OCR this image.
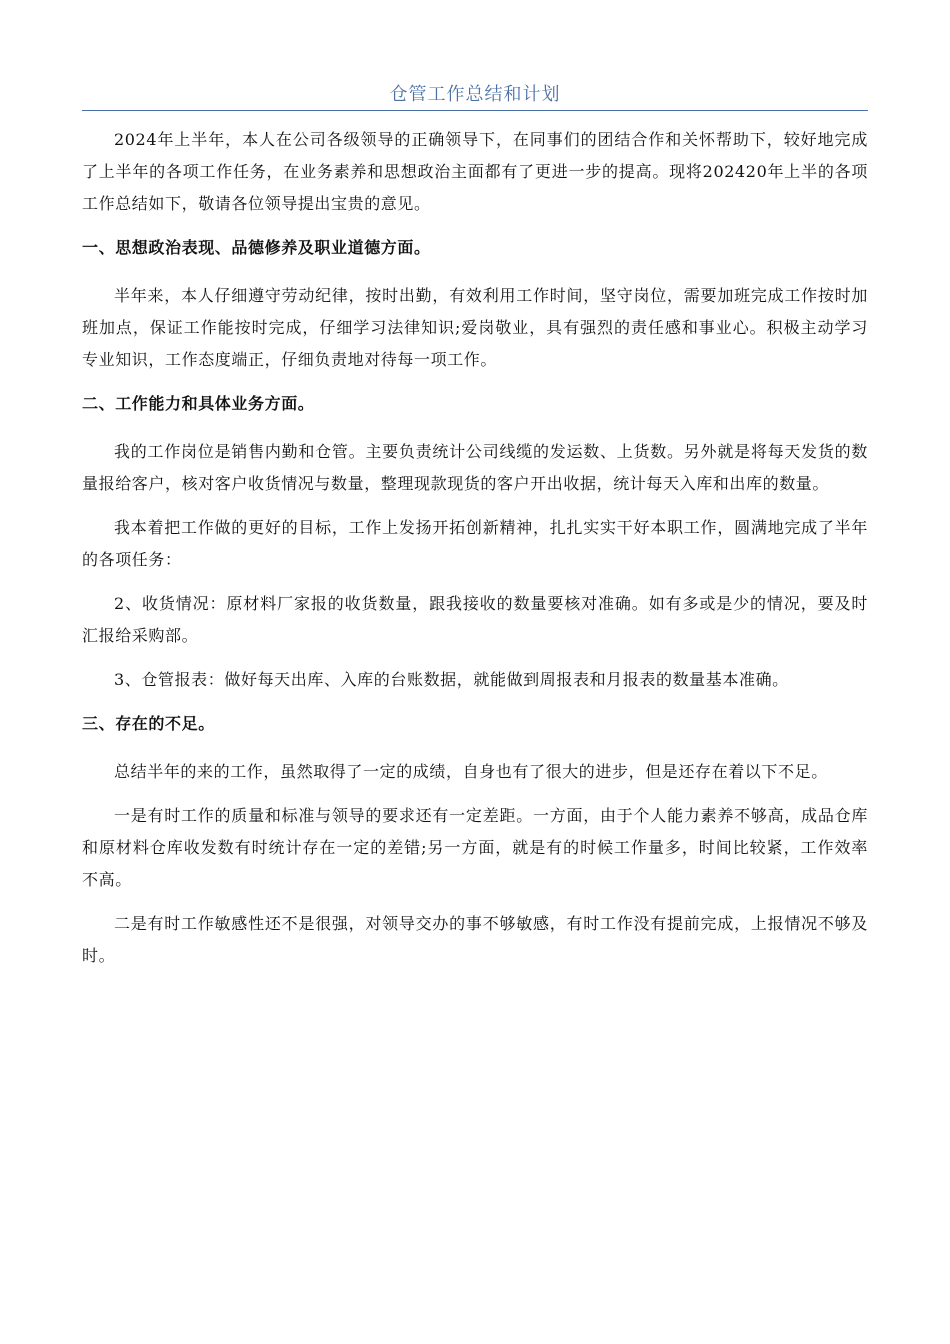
仓管工作总结和计划

2024年上半年，本人在公司各级领导的正确领导下，在同事们的团结合作和关怀帮助下，较好地完成了上半年的各项工作任务，在业务素养和思想政治主面都有了更进一步的提高。现将202420年上半的各项工作总结如下，敬请各位领导提出宝贵的意见。

一、思想政治表现、品德修养及职业道德方面。

半年来，本人仔细遵守劳动纪律，按时出勤，有效利用工作时间，坚守岗位，需要加班完成工作按时加班加点，保证工作能按时完成，仔细学习法律知识;爱岗敬业，具有强烈的责任感和事业心。积极主动学习专业知识，工作态度端正，仔细负责地对待每一项工作。

二、工作能力和具体业务方面。

我的工作岗位是销售内勤和仓管。主要负责统计公司线缆的发运数、上货数。另外就是将每天发货的数量报给客户，核对客户收货情况与数量，整理现款现货的客户开出收据，统计每天入库和出库的数量。

我本着把工作做的更好的目标，工作上发扬开拓创新精神，扎扎实实干好本职工作，圆满地完成了半年的各项任务：

2、收货情况：原材料厂家报的收货数量，跟我接收的数量要核对准确。如有多或是少的情况，要及时汇报给采购部。

3、仓管报表：做好每天出库、入库的台账数据，就能做到周报表和月报表的数量基本准确。

三、存在的不足。

总结半年的来的工作，虽然取得了一定的成绩，自身也有了很大的进步，但是还存在着以下不足。

一是有时工作的质量和标准与领导的要求还有一定差距。一方面，由于个人能力素养不够高，成品仓库和原材料仓库收发数有时统计存在一定的差错;另一方面，就是有的时候工作量多，时间比较紧，工作效率不高。

二是有时工作敏感性还不是很强，对领导交办的事不够敏感，有时工作没有提前完成，上报情况不够及时。
